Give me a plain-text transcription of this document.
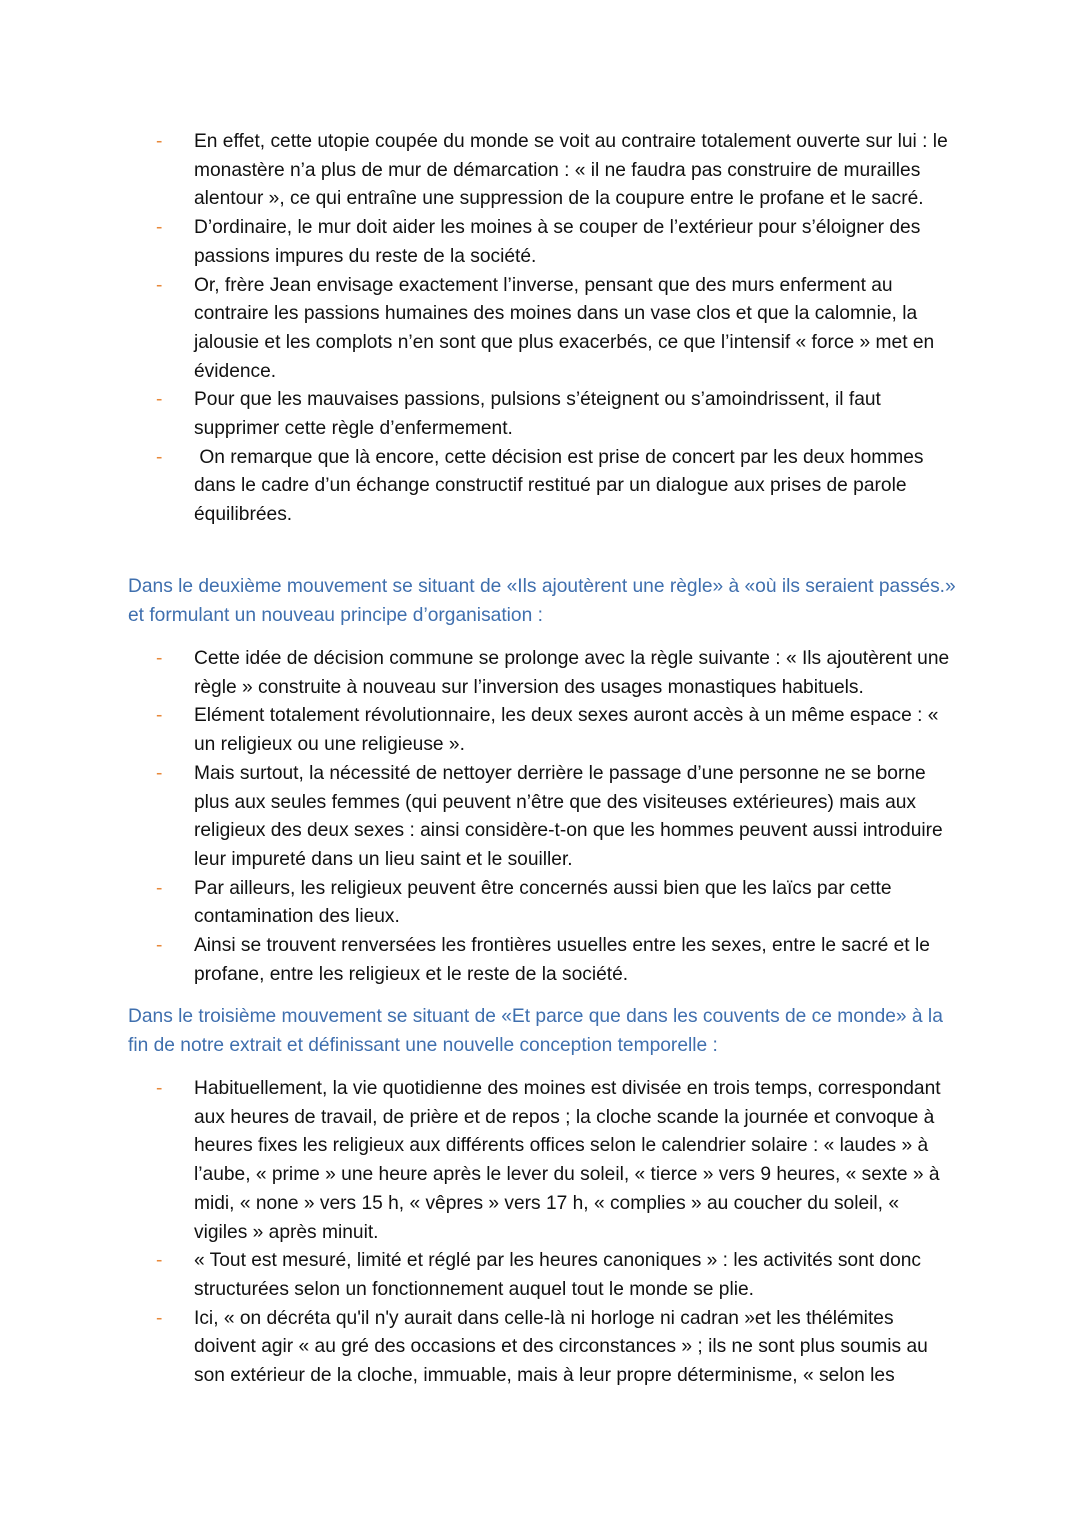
- En effet, cette utopie coupée du monde se voit au contraire totalement ouverte sur lui : le monastère n’a plus de mur de démarcation : « il ne faudra pas construire de murailles alentour », ce qui entraîne une suppression de la coupure entre le profane et le sacré.
- D’ordinaire, le mur doit aider les moines à se couper de l’extérieur pour s’éloigner des passions impures du reste de la société.
- Or, frère Jean envisage exactement l’inverse, pensant que des murs enferment au contraire les passions humaines des moines dans un vase clos et que la calomnie, la jalousie et les complots n’en sont que plus exacerbés, ce que l’intensif « force » met en évidence.
- Pour que les mauvaises passions, pulsions s’éteignent ou s’amoindrissent, il faut supprimer cette règle d’enfermement.
- On remarque que là encore, cette décision est prise de concert par les deux hommes dans le cadre d’un échange constructif restitué par un dialogue aux prises de parole équilibrées.
Dans le deuxième mouvement se situant de «Ils ajoutèrent une règle» à «où ils seraient passés.» et formulant un nouveau principe d’organisation :
- Cette idée de décision commune se prolonge avec la règle suivante : « Ils ajoutèrent une règle » construite à nouveau sur l’inversion des usages monastiques habituels.
- Elément totalement révolutionnaire, les deux sexes auront accès à un même espace : « un religieux ou une religieuse ».
- Mais surtout, la nécessité de nettoyer derrière le passage d’une personne ne se borne plus aux seules femmes (qui peuvent n’être que des visiteuses extérieures) mais aux religieux des deux sexes : ainsi considère-t-on que les hommes peuvent aussi introduire leur impureté dans un lieu saint et le souiller.
- Par ailleurs, les religieux peuvent être concernés aussi bien que les laïcs par cette contamination des lieux.
- Ainsi se trouvent renversées les frontières usuelles entre les sexes, entre le sacré et le profane, entre les religieux et le reste de la société.
Dans le troisième mouvement se situant de «Et parce que dans les couvents de ce monde» à la fin de notre extrait et définissant une nouvelle conception temporelle :
- Habituellement, la vie quotidienne des moines est divisée en trois temps, correspondant aux heures de travail, de prière et de repos ; la cloche scande la journée et convoque à heures fixes les religieux aux différents offices selon le calendrier solaire : « laudes » à l’aube, « prime » une heure après le lever du soleil, « tierce » vers 9 heures, « sexte » à midi, « none » vers 15 h, « vêpres » vers 17 h, « complies » au coucher du soleil, « vigiles » après minuit.
- « Tout est mesuré, limité et réglé par les heures canoniques » : les activités sont donc structurées selon un fonctionnement auquel tout le monde se plie.
- Ici, « on décréta qu'il n'y aurait dans celle-là ni horloge ni cadran »et les thélémites doivent agir « au gré des occasions et des circonstances » ; ils ne sont plus soumis au son extérieur de la cloche, immuable, mais à leur propre déterminisme, « selon les
